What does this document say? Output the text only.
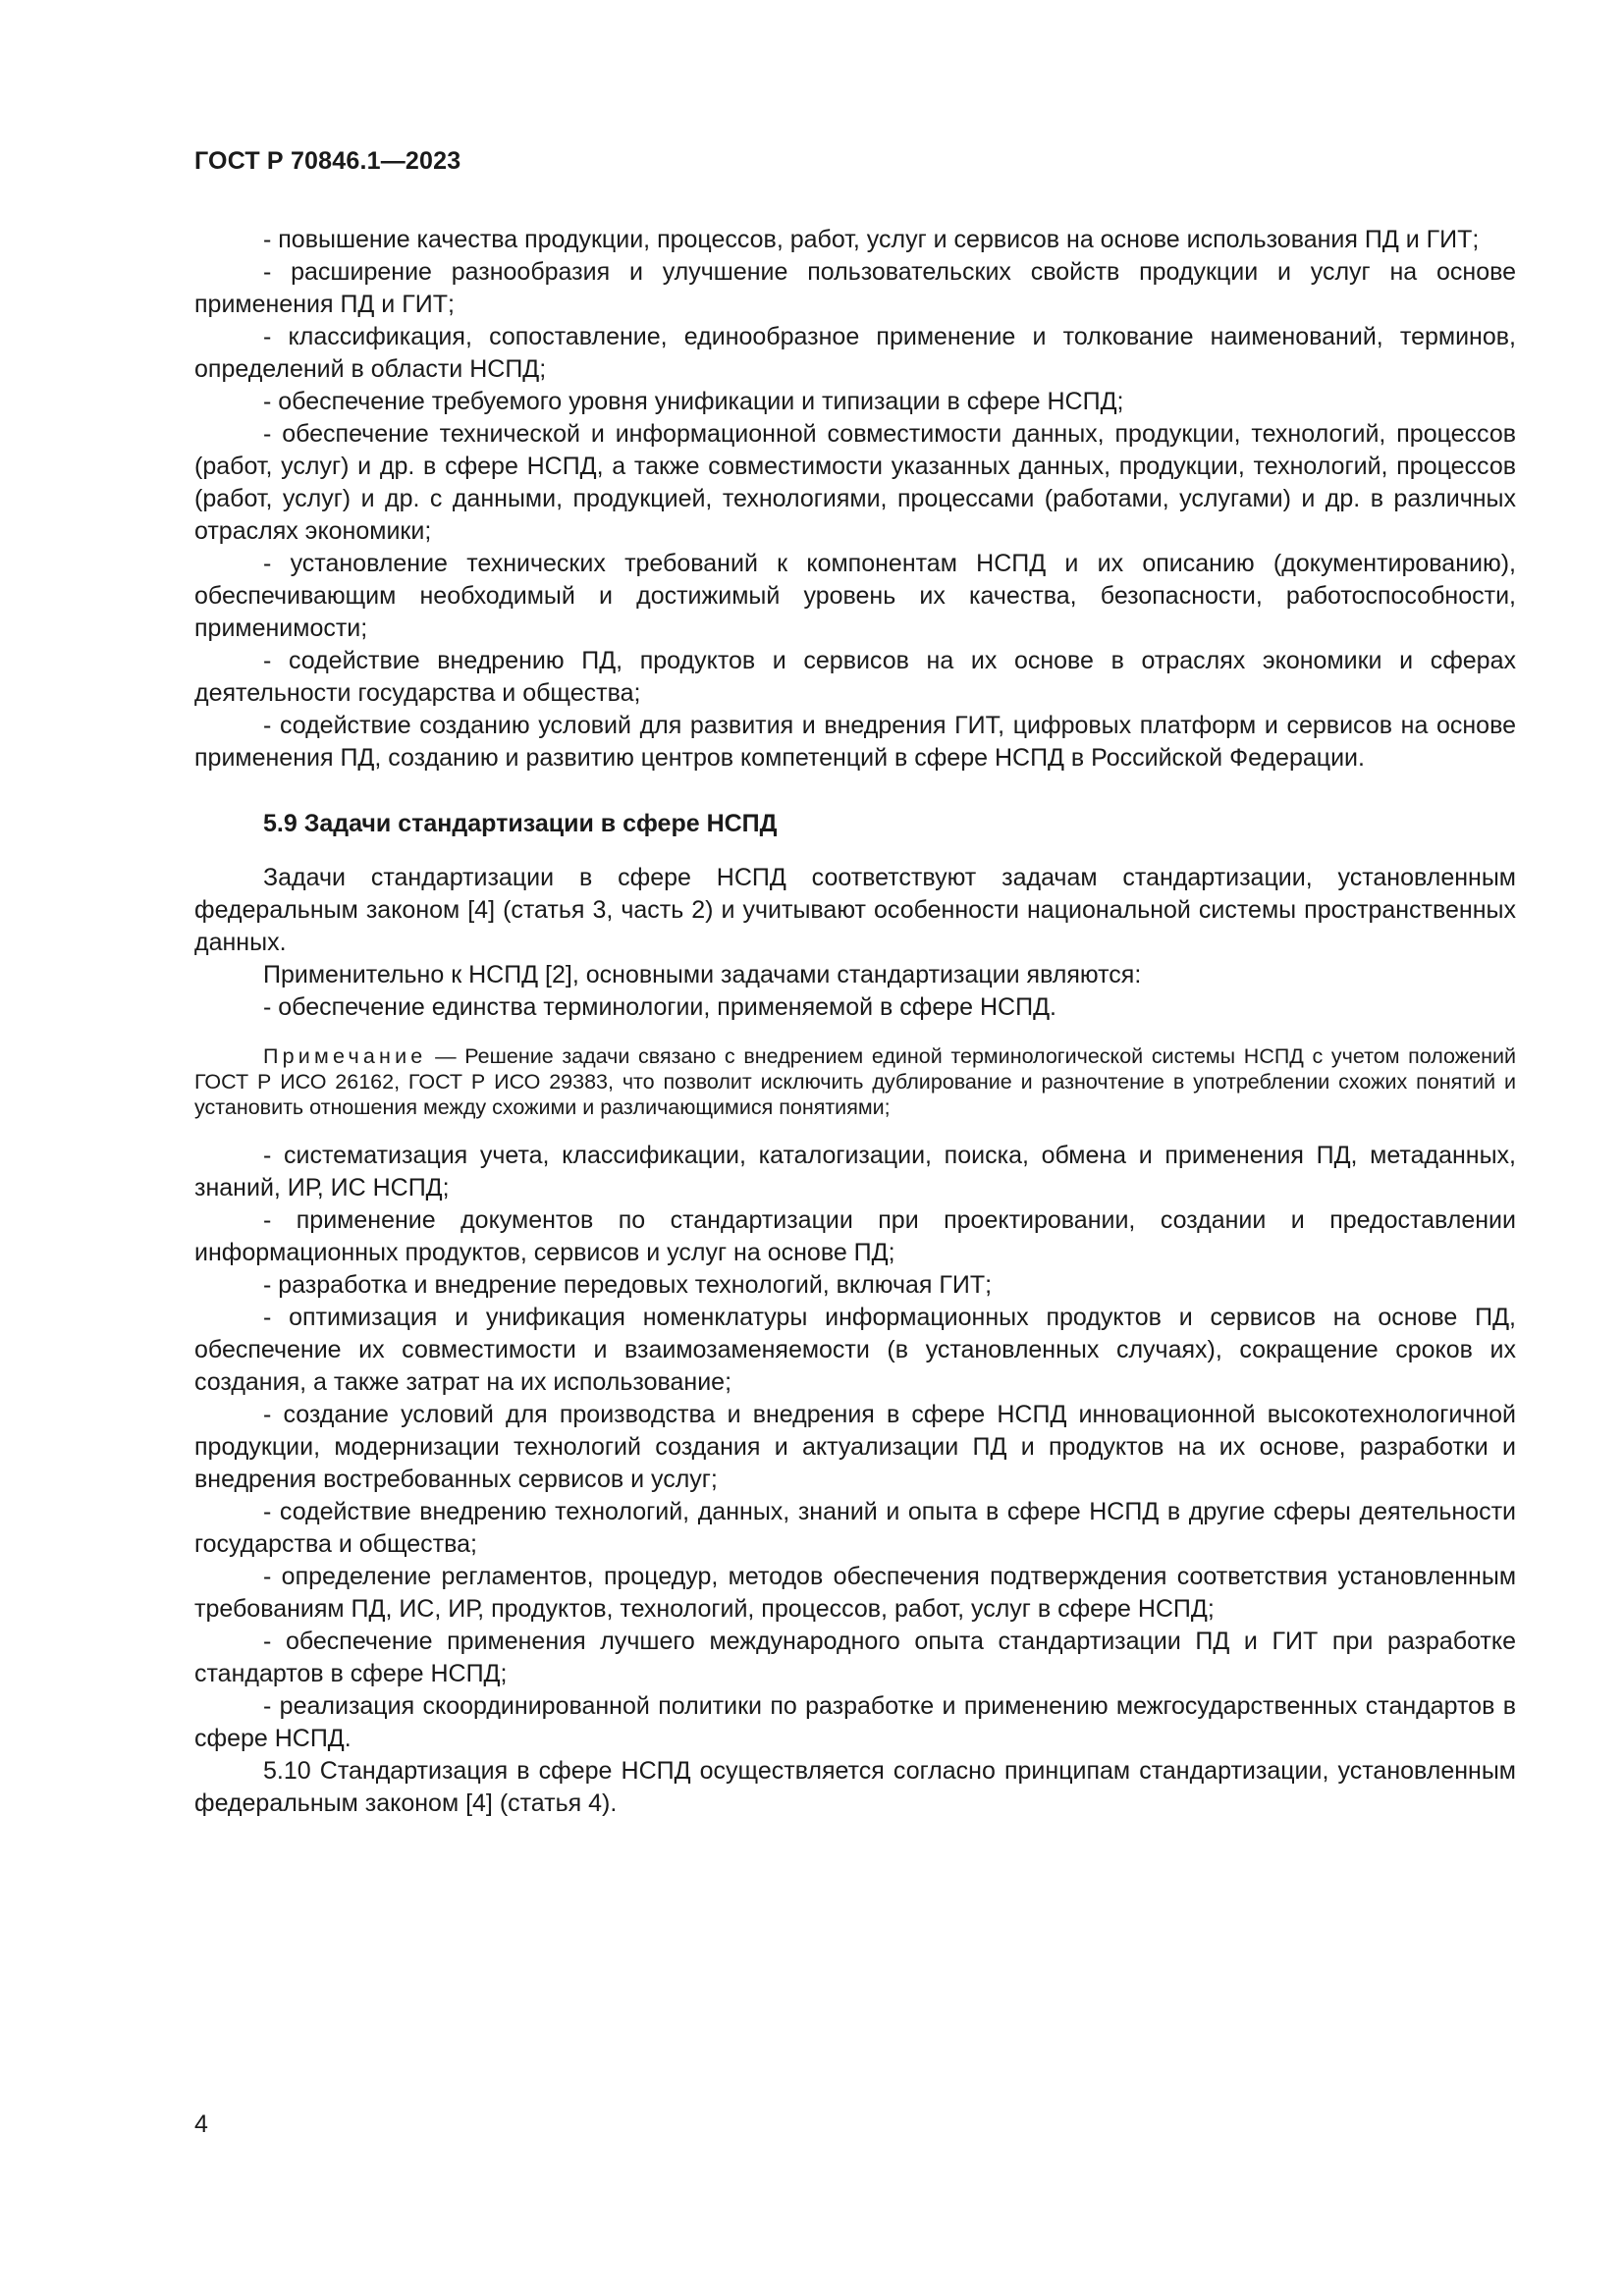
ГОСТ Р 70846.1—2023

- повышение качества продукции, процессов, работ, услуг и сервисов на основе использования ПД и ГИТ;

- расширение разнообразия и улучшение пользовательских свойств продукции и услуг на основе применения ПД и ГИТ;

- классификация, сопоставление, единообразное применение и толкование наименований, терминов, определений в области НСПД;

- обеспечение требуемого уровня унификации и типизации в сфере НСПД;

- обеспечение технической и информационной совместимости данных, продукции, технологий, процессов (работ, услуг) и др. в сфере НСПД, а также совместимости указанных данных, продукции, технологий, процессов (работ, услуг) и др. с данными, продукцией, технологиями, процессами (работами, услугами) и др. в различных отраслях экономики;

- установление технических требований к компонентам НСПД и их описанию (документированию), обеспечивающим необходимый и достижимый уровень их качества, безопасности, работоспособности, применимости;

- содействие внедрению ПД, продуктов и сервисов на их основе в отраслях экономики и сферах деятельности государства и общества;

- содействие созданию условий для развития и внедрения ГИТ, цифровых платформ и сервисов на основе применения ПД, созданию и развитию центров компетенций в сфере НСПД в Российской Федерации.

5.9 Задачи стандартизации в сфере НСПД

Задачи стандартизации в сфере НСПД соответствуют задачам стандартизации, установленным федеральным законом [4] (статья 3, часть 2) и учитывают особенности национальной системы пространственных данных.

Применительно к НСПД [2], основными задачами стандартизации являются:

- обеспечение единства терминологии, применяемой в сфере НСПД.

Примечание — Решение задачи связано с внедрением единой терминологической системы НСПД с учетом положений ГОСТ Р ИСО 26162, ГОСТ Р ИСО 29383, что позволит исключить дублирование и разночтение в употреблении схожих понятий и установить отношения между схожими и различающимися понятиями;

- систематизация учета, классификации, каталогизации, поиска, обмена и применения ПД, метаданных, знаний, ИР, ИС НСПД;

- применение документов по стандартизации при проектировании, создании и предоставлении информационных продуктов, сервисов и услуг на основе ПД;

- разработка и внедрение передовых технологий, включая ГИТ;

- оптимизация и унификация номенклатуры информационных продуктов и сервисов на основе ПД, обеспечение их совместимости и взаимозаменяемости (в установленных случаях), сокращение сроков их создания, а также затрат на их использование;

- создание условий для производства и внедрения в сфере НСПД инновационной высокотехнологичной продукции, модернизации технологий создания и актуализации ПД и продуктов на их основе, разработки и внедрения востребованных сервисов и услуг;

- содействие внедрению технологий, данных, знаний и опыта в сфере НСПД в другие сферы деятельности государства и общества;

- определение регламентов, процедур, методов обеспечения подтверждения соответствия установленным требованиям ПД, ИС, ИР, продуктов, технологий, процессов, работ, услуг в сфере НСПД;

- обеспечение применения лучшего международного опыта стандартизации ПД и ГИТ при разработке стандартов в сфере НСПД;

- реализация скоординированной политики по разработке и применению межгосударственных стандартов в сфере НСПД.

5.10 Стандартизация в сфере НСПД осуществляется согласно принципам стандартизации, установленным федеральным законом [4] (статья 4).

4
